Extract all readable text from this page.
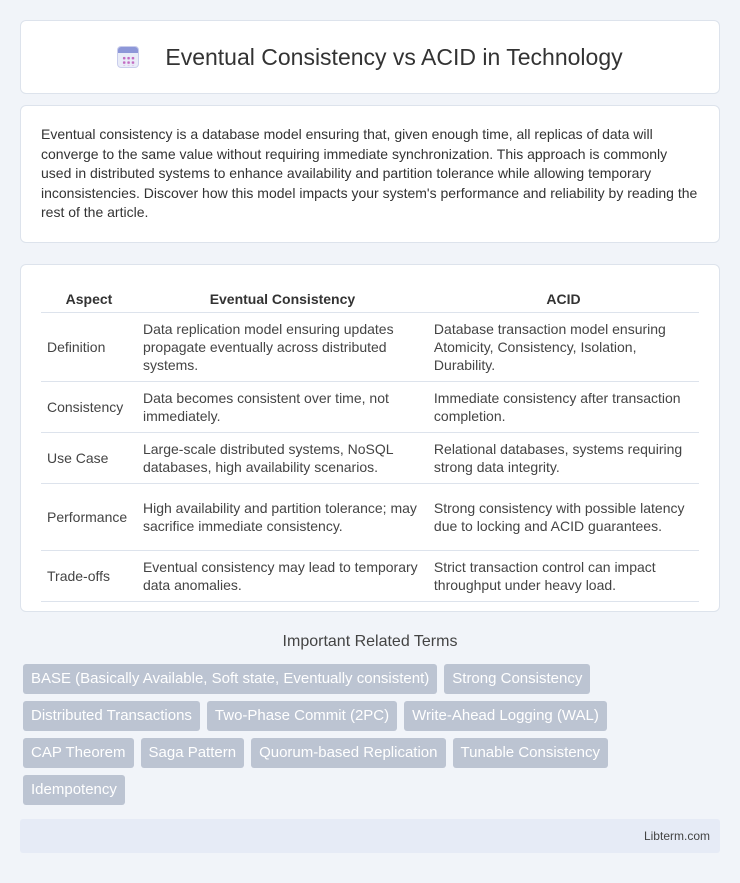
Eventual Consistency vs ACID in Technology

Eventual consistency is a database model ensuring that, given enough time, all replicas of data will converge to the same value without requiring immediate synchronization. This approach is commonly used in distributed systems to enhance availability and partition tolerance while allowing temporary inconsistencies. Discover how this model impacts your system's performance and reliability by reading the rest of the article.

Aspect	Eventual Consistency	ACID
Definition	Data replication model ensuring updates propagate eventually across distributed systems.	Database transaction model ensuring Atomicity, Consistency, Isolation, Durability.
Consistency	Data becomes consistent over time, not immediately.	Immediate consistency after transaction completion.
Use Case	Large-scale distributed systems, NoSQL databases, high availability scenarios.	Relational databases, systems requiring strong data integrity.
Performance	High availability and partition tolerance; may sacrifice immediate consistency.	Strong consistency with possible latency due to locking and ACID guarantees.
Trade-offs	Eventual consistency may lead to temporary data anomalies.	Strict transaction control can impact throughput under heavy load.
Important Related Terms
BASE (Basically Available, Soft state, Eventually consistent)	Strong Consistency
Distributed Transactions	Two-Phase Commit (2PC)	Write-Ahead Logging (WAL)
CAP Theorem	Saga Pattern	Quorum-based Replication	Tunable Consistency
Idempotency
Libterm.com
